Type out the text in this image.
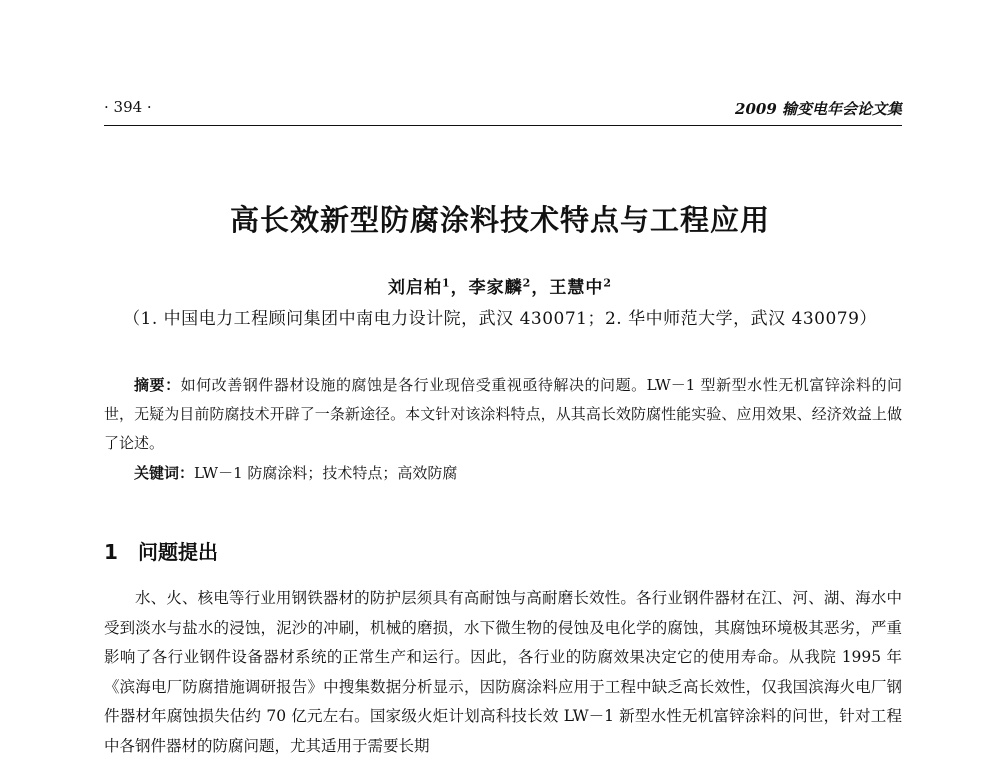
· 394 ·	2009 输变电年会论文集
高长效新型防腐涂料技术特点与工程应用
刘启柏$^1$，李家麟$^2$，王慧中$^2$
（1. 中国电力工程顾问集团中南电力设计院，武汉 430071；2. 华中师范大学，武汉 430079）
摘要：如何改善钢件器材设施的腐蚀是各行业现倍受重视亟待解决的问题。LW－1 型新型水性无机富锌涂料的问世，无疑为目前防腐技术开辟了一条新途径。本文针对该涂料特点，从其高长效防腐性能实验、应用效果、经济效益上做了论述。
关键词：LW－1 防腐涂料；技术特点；高效防腐
1 问题提出
水、火、核电等行业用钢铁器材的防护层须具有高耐蚀与高耐磨长效性。各行业钢件器材在江、河、湖、海水中受到淡水与盐水的浸蚀，泥沙的冲刷，机械的磨损，水下微生物的侵蚀及电化学的腐蚀，其腐蚀环境极其恶劣，严重影响了各行业钢件设备器材系统的正常生产和运行。因此，各行业的防腐效果决定它的使用寿命。从我院 1995 年《滨海电厂防腐措施调研报告》中搜集数据分析显示，因防腐涂料应用于工程中缺乏高长效性，仅我国滨海火电厂钢件器材年腐蚀损失估约 70 亿元左右。国家级火炬计划高科技长效 LW－1 新型水性无机富锌涂料的问世，针对工程中各钢件器材的防腐问题，尤其适用于需要长期
